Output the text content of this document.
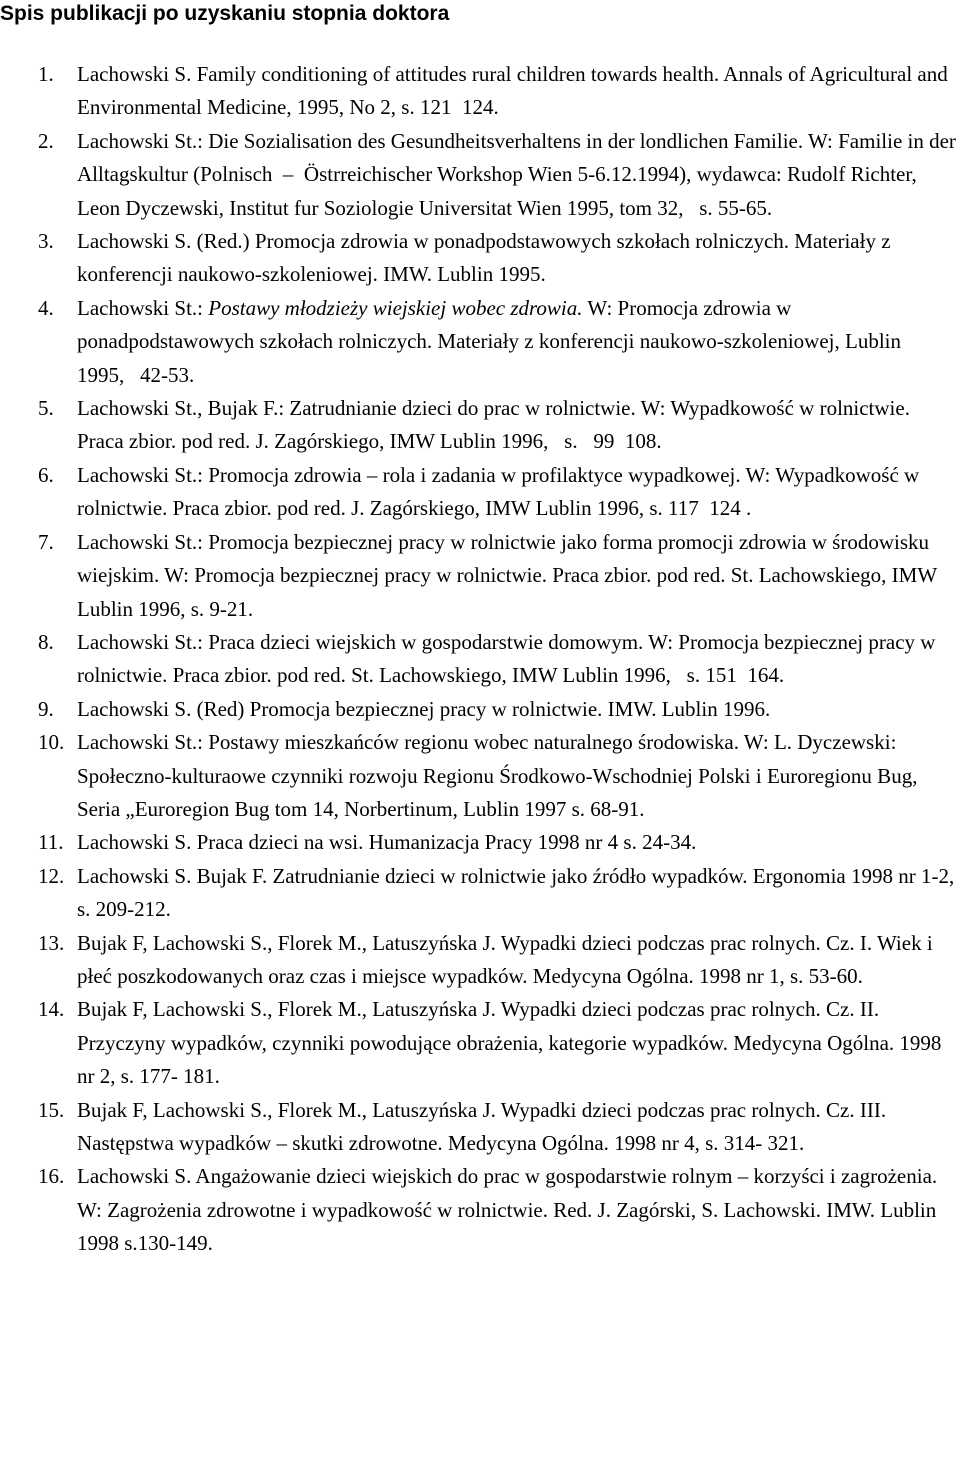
Spis publikacji po uzyskaniu stopnia doktora
1.	Lachowski S. Family conditioning of attitudes rural children towards health. Annals of Agricultural and Environmental Medicine, 1995, No 2, s. 121 124.
2.	Lachowski St.: Die Sozialisation des Gesundheitsverhaltens in der londlichen Familie. W: Familie in der Alltagskultur (Polnisch – Östrreichischer Workshop Wien 5-6.12.1994), wydawca: Rudolf Richter, Leon Dyczewski, Institut fur Soziologie Universitat Wien 1995, tom 32,  s. 55-65.
3.	Lachowski S. (Red.) Promocja zdrowia w ponadpodstawowych szkołach rolniczych. Materiały z konferencji naukowo-szkoleniowej. IMW. Lublin 1995.
4.	Lachowski St.: Postawy młodzieży wiejskiej wobec zdrowia. W: Promocja zdrowia w ponadpodstawowych szkołach rolniczych. Materiały z konferencji naukowo-szkoleniowej, Lublin  1995,  42-53.
5.	Lachowski St., Bujak F.: Zatrudnianie dzieci do prac w rolnictwie. W: Wypadkowość w rolnictwie. Praca zbior. pod red. J. Zagórskiego, IMW Lublin 1996,  s.  99 108.
6.	Lachowski St.: Promocja zdrowia – rola i zadania w profilaktyce wypadkowej. W: Wypadkowość w rolnictwie. Praca zbior. pod red. J. Zagórskiego, IMW Lublin 1996, s. 117 124 .
7.	Lachowski St.: Promocja bezpiecznej pracy w rolnictwie jako forma promocji zdrowia w środowisku wiejskim. W: Promocja bezpiecznej pracy w rolnictwie. Praca zbior. pod red. St. Lachowskiego, IMW Lublin 1996, s. 9-21.
8.	Lachowski St.: Praca dzieci wiejskich w gospodarstwie domowym. W: Promocja bezpiecznej pracy w rolnictwie. Praca zbior. pod red. St. Lachowskiego, IMW Lublin 1996,  s. 151 164.
9.	Lachowski S. (Red) Promocja bezpiecznej pracy w rolnictwie. IMW. Lublin 1996.
10. Lachowski St.: Postawy mieszkańców regionu wobec naturalnego środowiska. W: L. Dyczewski: Społeczno-kulturaowe czynniki rozwoju Regionu Środkowo-Wschodniej Polski i Euroregionu Bug, Seria „Euroregion Bug tom 14, Norbertinum, Lublin 1997 s. 68-91.
11. Lachowski S. Praca dzieci na wsi. Humanizacja Pracy 1998 nr 4 s. 24-34.
12. Lachowski S. Bujak F. Zatrudnianie dzieci w rolnictwie jako źródło wypadków. Ergonomia 1998 nr 1-2, s. 209-212.
13. Bujak F, Lachowski S., Florek M., Latuszyńska J. Wypadki dzieci podczas prac rolnych. Cz. I. Wiek i płeć poszkodowanych oraz czas i miejsce wypadków. Medycyna Ogólna. 1998 nr 1, s. 53-60.
14. Bujak F, Lachowski S., Florek M., Latuszyńska J. Wypadki dzieci podczas prac rolnych. Cz. II. Przyczyny wypadków, czynniki powodujące obrażenia, kategorie wypadków. Medycyna Ogólna. 1998 nr 2, s. 177- 181.
15. Bujak F, Lachowski S., Florek M., Latuszyńska J. Wypadki dzieci podczas prac rolnych. Cz. III. Następstwa wypadków – skutki zdrowotne. Medycyna Ogólna. 1998 nr 4, s. 314- 321.
16. Lachowski S. Angażowanie dzieci wiejskich do prac w gospodarstwie rolnym – korzyści i zagrożenia. W: Zagrożenia zdrowotne i wypadkowość w rolnictwie. Red. J. Zagórski, S. Lachowski. IMW. Lublin 1998 s.130-149.
